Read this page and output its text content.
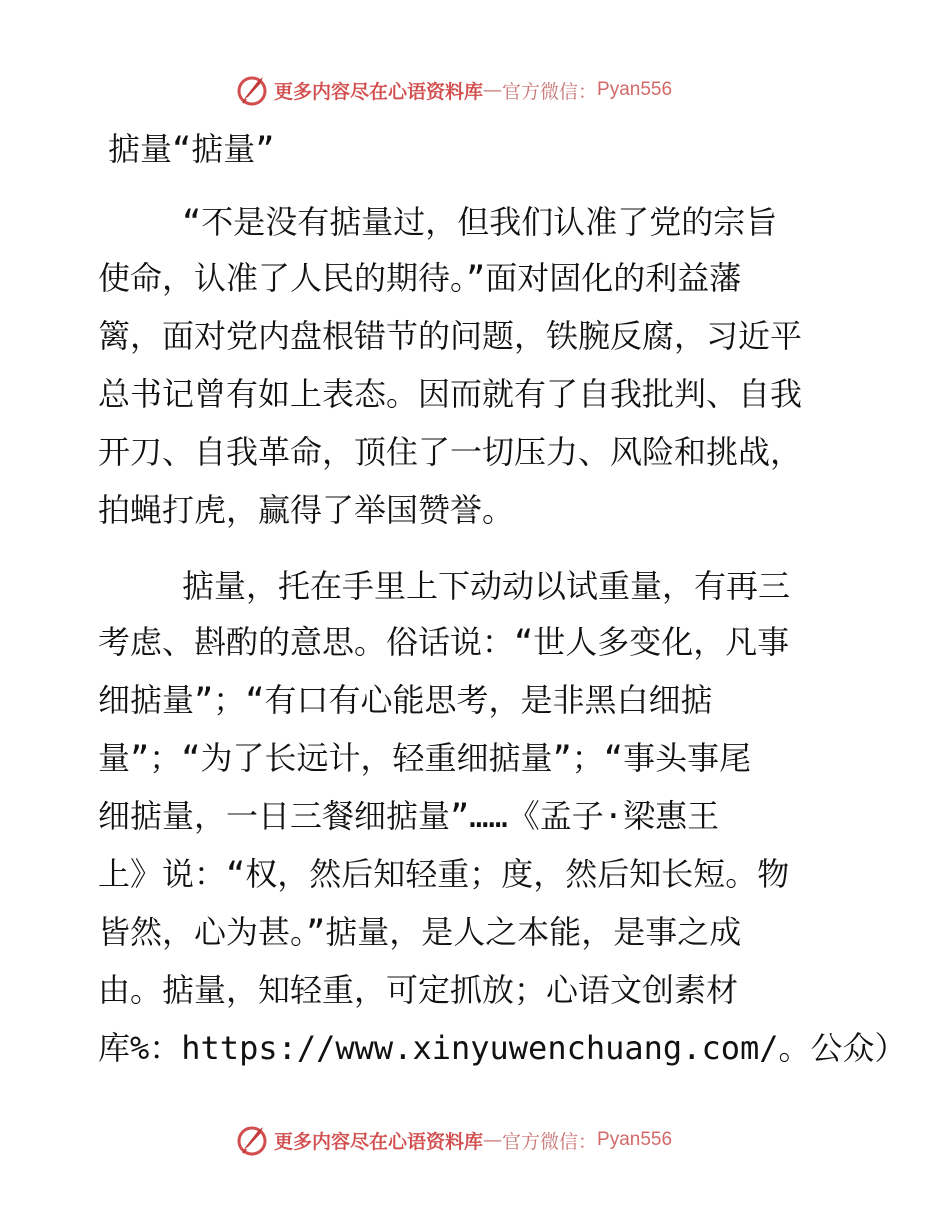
更多内容尽在心语资料库 — 官方微信： Pyan556
掂量“掂量”
“不是没有掂量过，但我们认准了党的宗旨
使命，认准了人民的期待。”面对固化的利益藩
篱，面对党内盘根错节的问题，铁腕反腐，习近平
总书记曾有如上表态。因而就有了自我批判、自我
开刀、自我革命，顶住了一切压力、风险和挑战，
拍蝇打虎，赢得了举国赞誉。
掂量，托在手里上下动动以试重量，有再三
考虑、斟酌的意思。俗话说：“世人多变化，凡事
细掂量”；“有口有心能思考，是非黑白细掂
量”；“为了长远计，轻重细掂量”；“事头事尾
细掂量，一日三餐细掂量”……《孟子·梁惠王
上》说：“权，然后知轻重；度，然后知长短。物
皆然，心为甚。”掂量，是人之本能，是事之成
由。掂量，知轻重，可定抓放；心语文创素材
库%：https://www.xinyuwenchuang.com/。公众）
更多内容尽在心语资料库 — 官方微信： Pyan556
